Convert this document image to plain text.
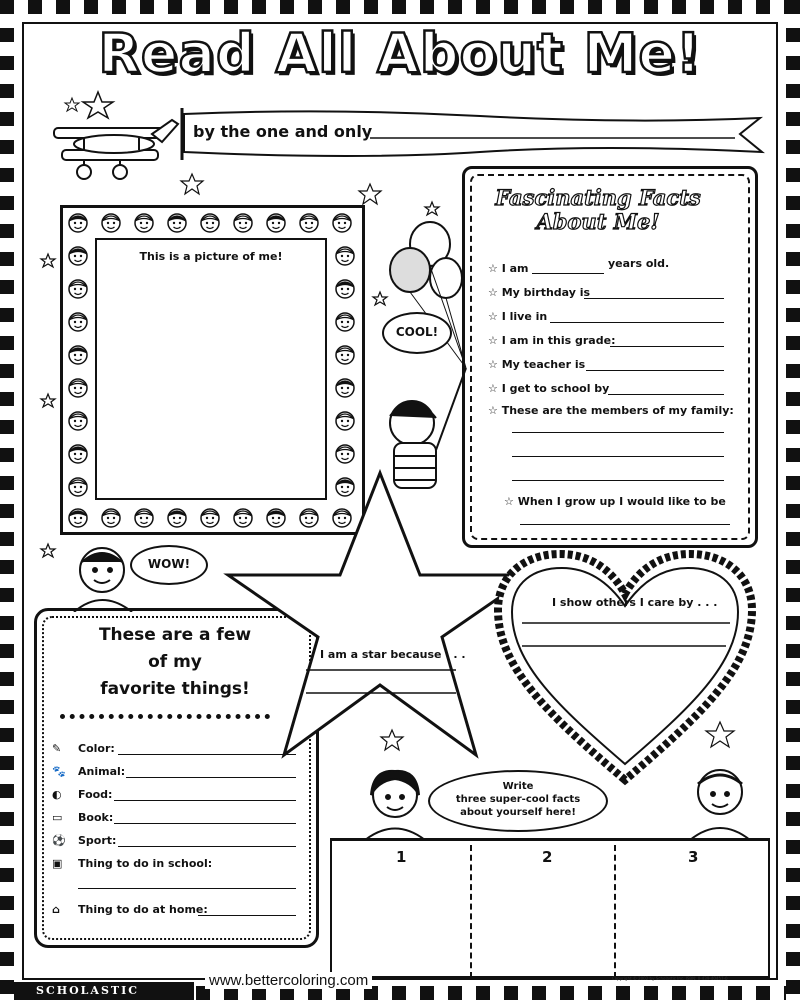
Read All About Me!
by the one and only
This is a picture of me!
COOL!
Fascinating Facts
About Me!
☆ I am	years old.
☆ My birthday is
☆ I live in
☆ I am in this grade:
☆ My teacher is
☆ I get to school by
☆ These are the members of my family:
☆ When I grow up I would like to be
WOW!
These are a few
of my
favorite things!
✎ Color:
🐾 Animal:
◐ Food:
▭ Book:
⚽ Sport:
▣ Thing to do in school:
⌂ Thing to do at home:
I am a star because . . .
I show others I care by . . .
Write
three super-cool facts
about yourself here!
1	2	3
SCHOLASTIC
www.bettercoloring.com	Copyright © 2002 by Scholastic Inc. ISBN: 0-439-40457-0
